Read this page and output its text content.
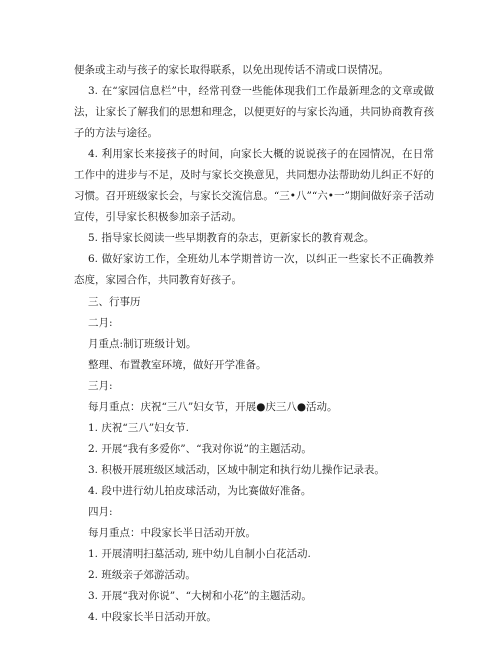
便条或主动与孩子的家长取得联系，以免出现传话不清或口误情况。
3. 在“家园信息栏”中，经常刊登一些能体现我们工作最新理念的文章或做法，让家长了解我们的思想和理念，以便更好的与家长沟通，共同协商教育孩子的方法与途径。
4. 利用家长来接孩子的时间，向家长大概的说说孩子的在园情况，在日常工作中的进步与不足，及时与家长交换意见，共同想办法帮助幼儿纠正不好的习惯。召开班级家长会，与家长交流信息。“三•八”“六•一”期间做好亲子活动宣传，引导家长积极参加亲子活动。
5. 指导家长阅读一些早期教育的杂志，更新家长的教育观念。
6. 做好家访工作，全班幼儿本学期普访一次，以纠正一些家长不正确教养态度，家园合作，共同教育好孩子。
三、行事历
二月:
月重点:制订班级计划。
整理、布置教室环境，做好开学准备。
三月:
每月重点：庆祝“三八”妇女节，开展●庆三八●活动。
1. 庆祝“三八”妇女节.
2. 开展“我有多爱你”、“我对你说”的主题活动。
3. 积极开展班级区域活动，区域中制定和执行幼儿操作记录表。
4. 段中进行幼儿拍皮球活动，为比赛做好准备。
四月:
每月重点：中段家长半日活动开放。
1. 开展清明扫墓活动, 班中幼儿自制小白花活动.
2. 班级亲子郊游活动。
3. 开展“我对你说”、“大树和小花”的主题活动。
4. 中段家长半日活动开放。
